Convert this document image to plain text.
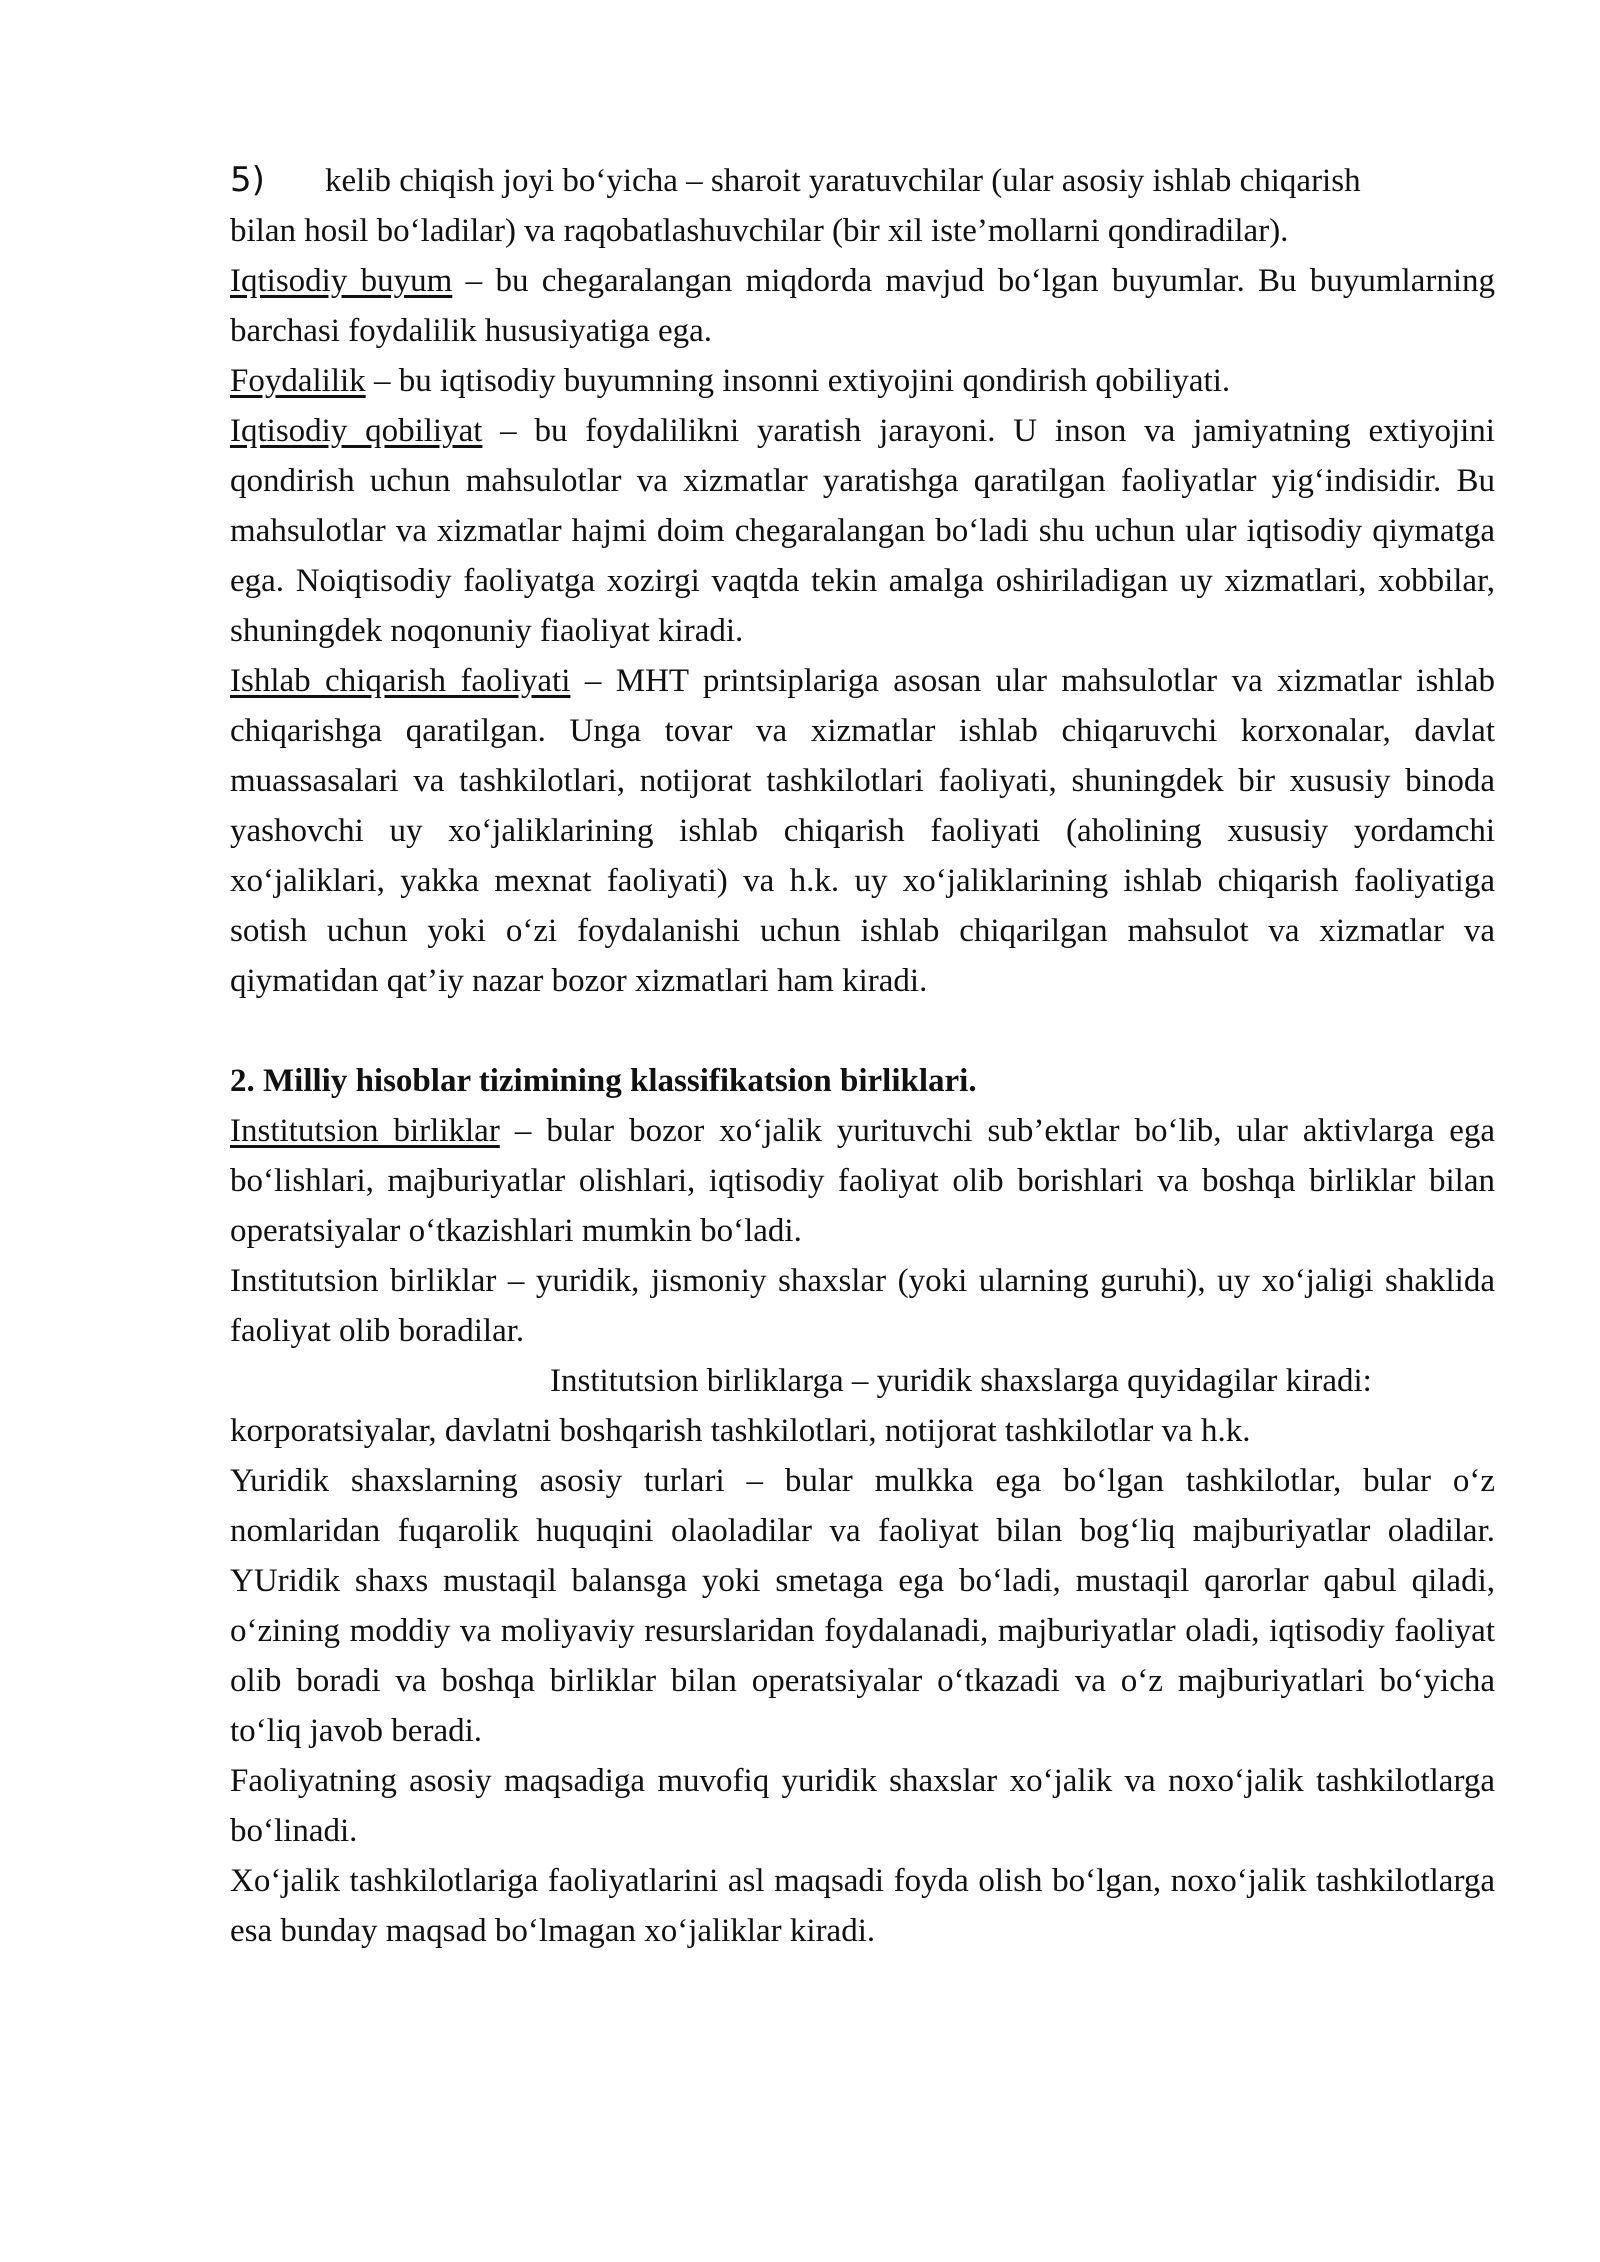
5) kelib chiqish joyi bo‘yicha – sharoit yaratuvchilar (ular asosiy ishlab chiqarish

bilan hosil bo‘ladilar) va raqobatlashuvchilar (bir xil iste’mollarni qondiradilar).

Iqtisodiy buyum – bu chegaralangan miqdorda mavjud bo‘lgan buyumlar. Bu buyumlarning barchasi foydalilik hususiyatiga ega.

Foydalilik – bu iqtisodiy buyumning insonni extiyojini qondirish qobiliyati.

Iqtisodiy qobiliyat – bu foydalilikni yaratish jarayoni. U inson va jamiyatning extiyojini qondirish uchun mahsulotlar va xizmatlar yaratishga qaratilgan faoliyatlar yig‘indisidir. Bu mahsulotlar va xizmatlar hajmi doim chegaralangan bo‘ladi shu uchun ular iqtisodiy qiymatga ega. Noiqtisodiy faoliyatga xozirgi vaqtda tekin amalga oshiriladigan uy xizmatlari, xobbilar, shuningdek noqonuniy fiaoliyat kiradi.

Ishlab chiqarish faoliyati – MHT printsiplariga asosan ular mahsulotlar va xizmatlar ishlab chiqarishga qaratilgan. Unga tovar va xizmatlar ishlab chiqaruvchi korxonalar, davlat muassasalari va tashkilotlari, notijorat tashkilotlari faoliyati, shuningdek bir xususiy binoda yashovchi uy xo‘jaliklarining ishlab chiqarish faoliyati (aholining xususiy yordamchi xo‘jaliklari, yakka mexnat faoliyati) va h.k. uy xo‘jaliklarining ishlab chiqarish faoliyatiga sotish uchun yoki o‘zi foydalanishi uchun ishlab chiqarilgan mahsulot va xizmatlar va qiymatidan qat’iy nazar bozor xizmatlari ham kiradi.

2. Milliy hisoblar tizimining klassifikatsion birliklari.

Institutsion birliklar – bular bozor xo‘jalik yurituvchi sub’ektlar bo‘lib, ular aktivlarga ega bo‘lishlari, majburiyatlar olishlari, iqtisodiy faoliyat olib borishlari va boshqa birliklar bilan operatsiyalar o‘tkazishlari mumkin bo‘ladi.

Institutsion birliklar – yuridik, jismoniy shaxslar (yoki ularning guruhi), uy xo‘jaligi shaklida faoliyat olib boradilar.

Institutsion birliklarga – yuridik shaxslarga quyidagilar kiradi:

korporatsiyalar, davlatni boshqarish tashkilotlari, notijorat tashkilotlar va h.k.

Yuridik shaxslarning asosiy turlari – bular mulkka ega bo‘lgan tashkilotlar, bular o‘z nomlaridan fuqarolik huquqini olaoladilar va faoliyat bilan bog‘liq majburiyatlar oladilar. YUridik shaxs mustaqil balansga yoki smetaga ega bo‘ladi, mustaqil qarorlar qabul qiladi, o‘zining moddiy va moliyaviy resurslaridan foydalanadi, majburiyatlar oladi, iqtisodiy faoliyat olib boradi va boshqa birliklar bilan operatsiyalar o‘tkazadi va o‘z majburiyatlari bo‘yicha to‘liq javob beradi.

Faoliyatning asosiy maqsadiga muvofiq yuridik shaxslar xo‘jalik va noxo‘jalik tashkilotlarga bo‘linadi.

Xo‘jalik tashkilotlariga faoliyatlarini asl maqsadi foyda olish bo‘lgan, noxo‘jalik tashkilotlarga esa bunday maqsad bo‘lmagan xo‘jaliklar kiradi.
